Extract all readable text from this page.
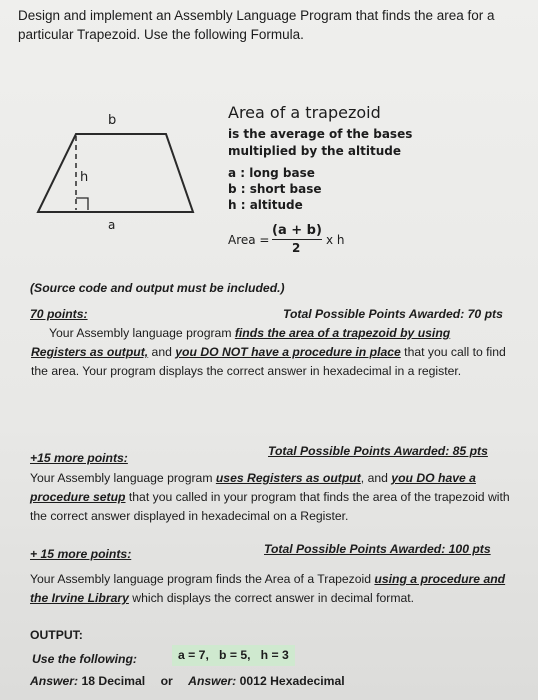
Design and implement an Assembly Language Program that finds the area for a particular Trapezoid. Use the following Formula.
b
h
a
Area of a trapezoid
is the average of the bases
multiplied by the altitude
a : long base
b : short base
h : altitude
Area =
(a + b)
2
x h
(Source code and output must be included.)
70 points:	Total Possible Points Awarded: 70 pts
Your Assembly language program finds the area of a trapezoid by using Registers as output, and you DO NOT have a procedure in place that you call to find the area. Your program displays the correct answer in hexadecimal in a register.
+15 more points:	Total Possible Points Awarded: 85 pts
Your Assembly language program uses Registers as output, and you DO have a procedure setup that you called in your program that finds the area of the trapezoid with the correct answer displayed in hexadecimal on a Register.
+ 15 more points:	Total Possible Points Awarded: 100 pts
Your Assembly language program finds the Area of a Trapezoid using a procedure and the Irvine Library which displays the correct answer in decimal format.
OUTPUT:
Use the following:	a = 7,   b = 5,   h = 3
Answer: 18 Decimal or Answer: 0012 Hexadecimal
